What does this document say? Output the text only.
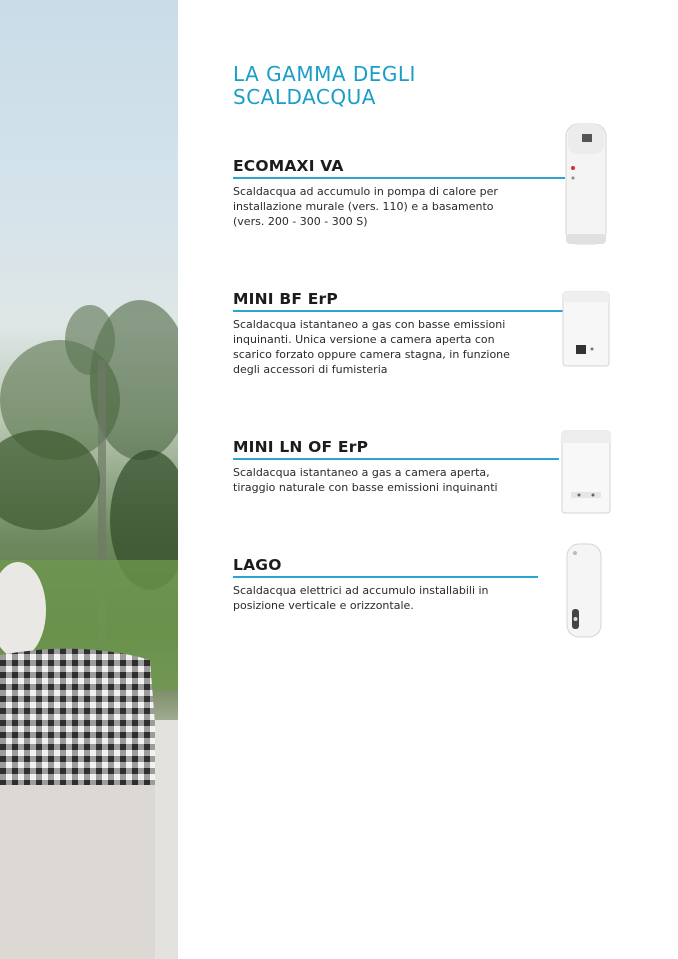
LA GAMMA DEGLI
SCALDACQUA
ECOMAXI VA

Scaldacqua ad accumulo in pompa di calore per installazione murale (vers. 110) e a basamento (vers. 200 - 300 - 300 S)

MINI BF ErP

Scaldacqua istantaneo a gas con basse emissioni inquinanti. Unica versione a camera aperta con scarico forzato oppure camera stagna, in funzione degli accessori di fumisteria

MINI LN OF ErP

Scaldacqua istantaneo a gas a camera aperta, tiraggio naturale con basse emissioni inquinanti

LAGO

Scaldacqua elettrici ad accumulo installabili in posizione verticale e orizzontale.
